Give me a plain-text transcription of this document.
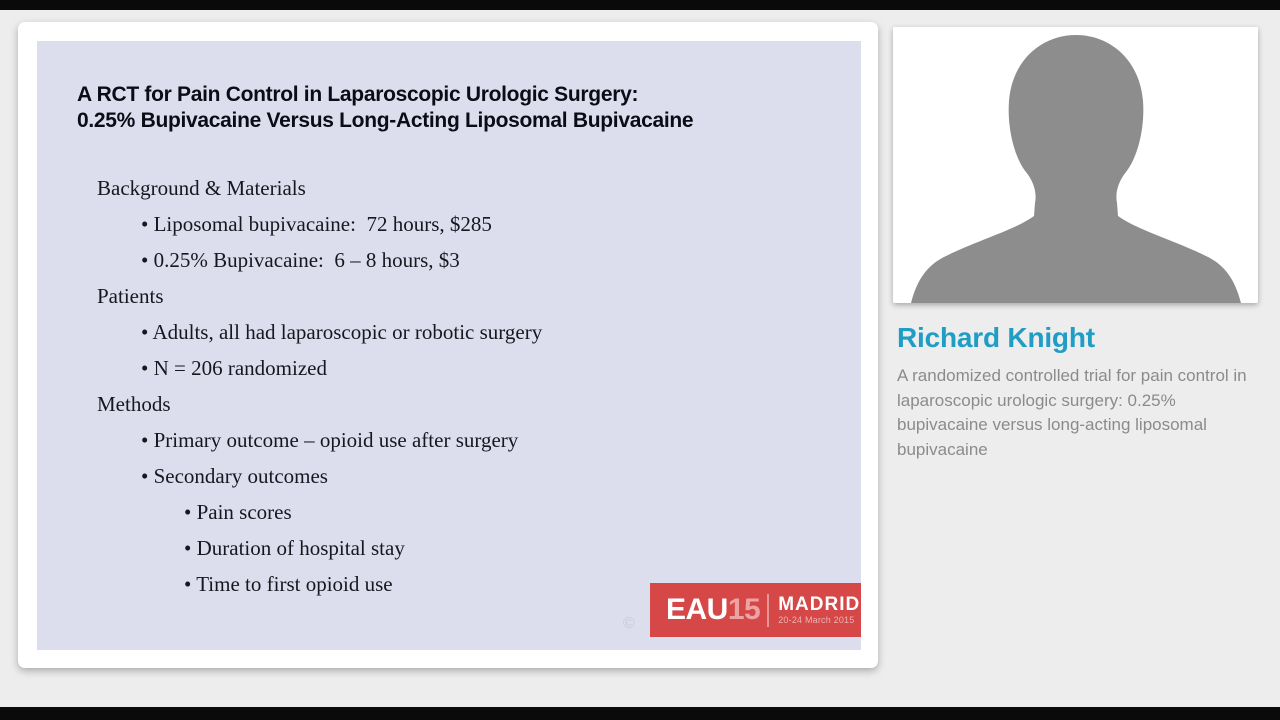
A RCT for Pain Control in Laparoscopic Urologic Surgery:
0.25% Bupivacaine Versus Long-Acting Liposomal Bupivacaine
Background & Materials
• Liposomal bupivacaine:  72 hours, $285
• 0.25% Bupivacaine:  6 – 8 hours, $3
Patients
• Adults, all had laparoscopic or robotic surgery
• N = 206 randomized
Methods
• Primary outcome – opioid use after surgery
• Secondary outcomes
• Pain scores
• Duration of hospital stay
• Time to first opioid use
© EAU 15 MADRID
20-24 March 2015
Richard Knight

A randomized controlled trial for pain control in laparoscopic urologic surgery: 0.25% bupivacaine versus long-acting liposomal bupivacaine
